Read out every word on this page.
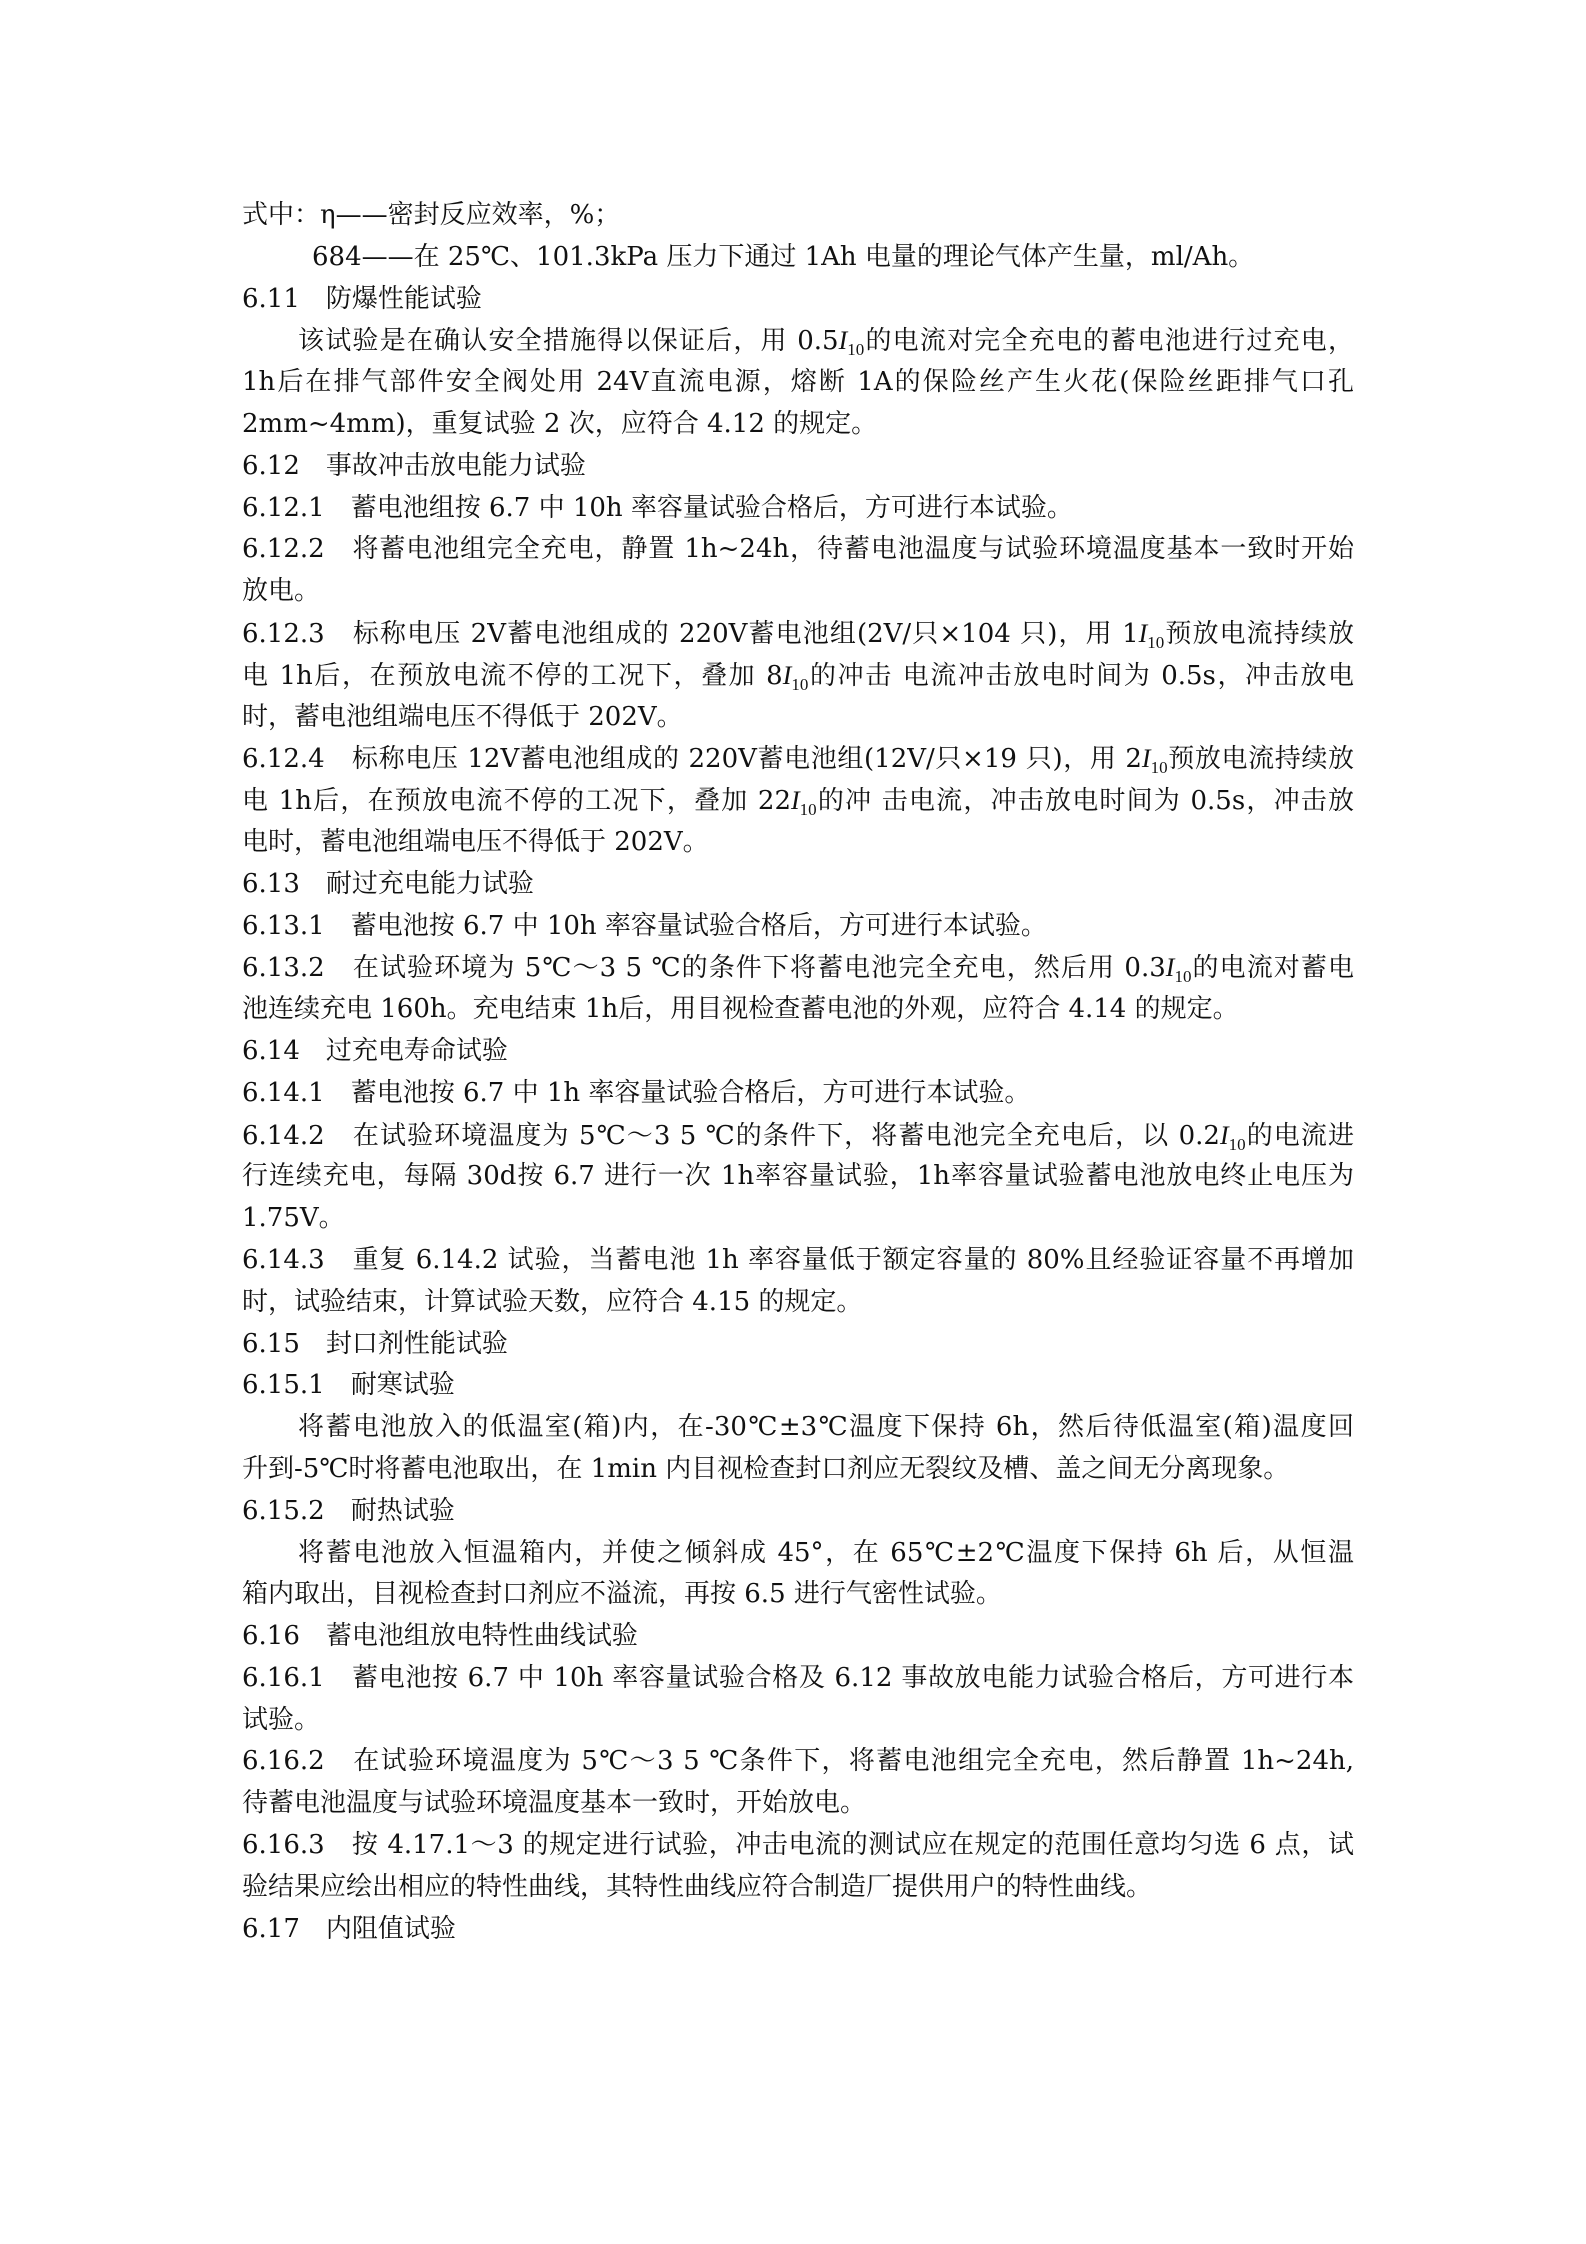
式中：η——密封反应效率，%；
684——在 25℃、101.3kPa 压力下通过 1Ah 电量的理论气体产生量，ml/Ah。
6.11　防爆性能试验
该试验是在确认安全措施得以保证后，用 $0.5I_{10}$的电流对完全充电的蓄电池进行过充电，
1h后在排气部件安全阀处用 24V直流电源，熔断 1A的保险丝产生火花(保险丝距排气口孔
2mm~4mm)，重复试验 2 次，应符合 4.12 的规定。
6.12　事故冲击放电能力试验
6.12.1　蓄电池组按 6.7 中 10h 率容量试验合格后，方可进行本试验。
6.12.2　将蓄电池组完全充电，静置 1h~24h，待蓄电池温度与试验环境温度基本一致时开始
放电。
6.12.3　标称电压 2V蓄电池组成的 220V蓄电池组(2V/只×104 只)，用 $1I_{10}$预放电流持续放
电 1h后，在预放电流不停的工况下，叠加 $8I_{10}$的冲击 电流冲击放电时间为 0.5s，冲击放电
时，蓄电池组端电压不得低于 202V。
6.12.4　标称电压 12V蓄电池组成的 220V蓄电池组(12V/只×19 只)，用 $2I_{10}$预放电流持续放
电 1h后，在预放电流不停的工况下，叠加 $22I_{10}$的冲 击电流，冲击放电时间为 0.5s，冲击放
电时，蓄电池组端电压不得低于 202V。
6.13　耐过充电能力试验
6.13.1　蓄电池按 6.7 中 10h 率容量试验合格后，方可进行本试验。
6.13.2　在试验环境为 5℃～3 5 ℃的条件下将蓄电池完全充电，然后用 $0.3I_{10}$的电流对蓄电
池连续充电 160h。充电结束 1h后，用目视检查蓄电池的外观，应符合 4.14 的规定。
6.14　过充电寿命试验
6.14.1　蓄电池按 6.7 中 1h 率容量试验合格后，方可进行本试验。
6.14.2　在试验环境温度为 5℃～3 5 ℃的条件下，将蓄电池完全充电后，以 $0.2I_{10}$的电流进
行连续充电，每隔 30d按 6.7 进行一次 1h率容量试验，1h率容量试验蓄电池放电终止电压为
1.75V。
6.14.3　重复 6.14.2 试验，当蓄电池 1h 率容量低于额定容量的 80%且经验证容量不再增加
时，试验结束，计算试验天数，应符合 4.15 的规定。
6.15　封口剂性能试验
6.15.1　耐寒试验
将蓄电池放入的低温室(箱)内，在-30℃±3℃温度下保持 6h，然后待低温室(箱)温度回
升到-5℃时将蓄电池取出，在 1min 内目视检查封口剂应无裂纹及槽、盖之间无分离现象。
6.15.2　耐热试验
将蓄电池放入恒温箱内，并使之倾斜成 45°，在 65℃±2℃温度下保持 6h 后，从恒温
箱内取出，目视检查封口剂应不溢流，再按 6.5 进行气密性试验。
6.16　蓄电池组放电特性曲线试验
6.16.1　蓄电池按 6.7 中 10h 率容量试验合格及 6.12 事故放电能力试验合格后，方可进行本
试验。
6.16.2　在试验环境温度为 5℃～3 5 ℃条件下，将蓄电池组完全充电，然后静置 1h~24h,
待蓄电池温度与试验环境温度基本一致时，开始放电。
6.16.3　按 4.17.1～3 的规定进行试验，冲击电流的测试应在规定的范围任意均匀选 6 点，试
验结果应绘出相应的特性曲线，其特性曲线应符合制造厂提供用户的特性曲线。
6.17　内阻值试验
